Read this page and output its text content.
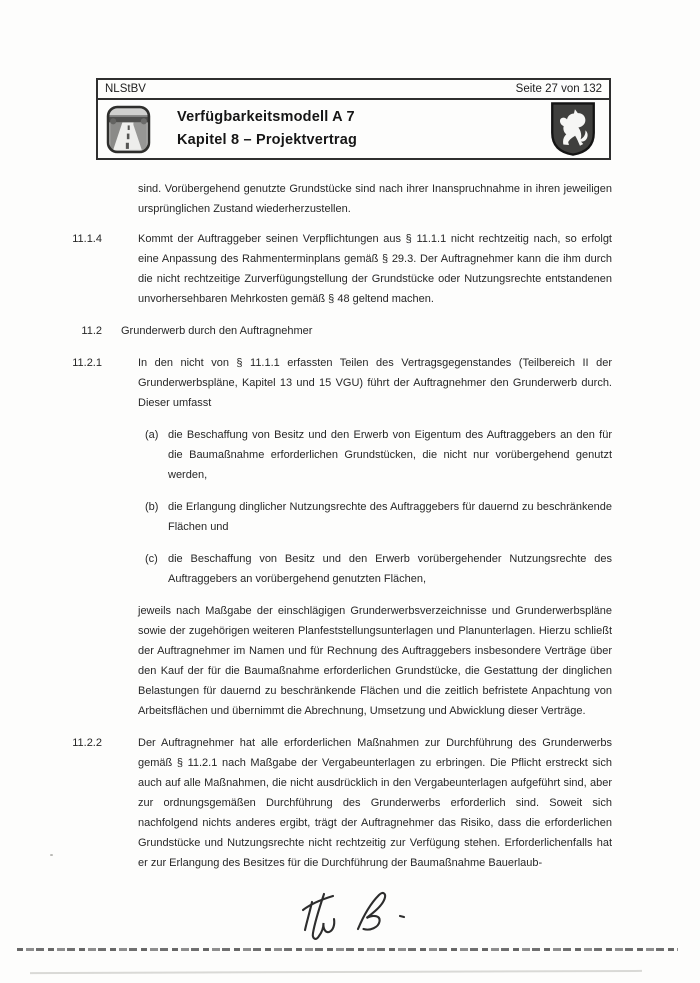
NLStBV	Seite 27 von 132
Verfügbarkeitsmodell A 7
Kapitel 8 – Projektvertrag

sind. Vorübergehend genutzte Grundstücke sind nach ihrer Inanspruchnahme in ihren jeweiligen ursprünglichen Zustand wiederherzustellen.

11.1.4	Kommt der Auftraggeber seinen Verpflichtungen aus § 11.1.1 nicht rechtzeitig nach, so erfolgt eine Anpassung des Rahmenterminplans gemäß § 29.3. Der Auftragnehmer kann die ihm durch die nicht rechtzeitige Zurverfügungstellung der Grundstücke oder Nutzungsrechte entstandenen unvorhersehbaren Mehrkosten gemäß § 48 geltend machen.

11.2 Grunderwerb durch den Auftragnehmer

11.2.1	In den nicht von § 11.1.1 erfassten Teilen des Vertragsgegenstandes (Teilbereich II der Grunderwerbspläne, Kapitel 13 und 15 VGU) führt der Auftragnehmer den Grunderwerb durch. Dieser umfasst

(a) die Beschaffung von Besitz und den Erwerb von Eigentum des Auftraggebers an den für die Baumaßnahme erforderlichen Grundstücken, die nicht nur vorübergehend genutzt werden,

(b) die Erlangung dinglicher Nutzungsrechte des Auftraggebers für dauernd zu beschränkende Flächen und

(c) die Beschaffung von Besitz und den Erwerb vorübergehender Nutzungsrechte des Auftraggebers an vorübergehend genutzten Flächen,

jeweils nach Maßgabe der einschlägigen Grunderwerbsverzeichnisse und Grunderwerbspläne sowie der zugehörigen weiteren Planfeststellungsunterlagen und Planunterlagen. Hierzu schließt der Auftragnehmer im Namen und für Rechnung des Auftraggebers insbesondere Verträge über den Kauf der für die Baumaßnahme erforderlichen Grundstücke, die Gestattung der dinglichen Belastungen für dauernd zu beschränkende Flächen und die zeitlich befristete Anpachtung von Arbeitsflächen und übernimmt die Abrechnung, Umsetzung und Abwicklung dieser Verträge.

11.2.2	Der Auftragnehmer hat alle erforderlichen Maßnahmen zur Durchführung des Grunderwerbs gemäß § 11.2.1 nach Maßgabe der Vergabeunterlagen zu erbringen. Die Pflicht erstreckt sich auch auf alle Maßnahmen, die nicht ausdrücklich in den Vergabeunterlagen aufgeführt sind, aber zur ordnungsgemäßen Durchführung des Grunderwerbs erforderlich sind. Soweit sich nachfolgend nichts anderes ergibt, trägt der Auftragnehmer das Risiko, dass die erforderlichen Grundstücke und Nutzungsrechte nicht rechtzeitig zur Verfügung stehen. Erforderlichenfalls hat er zur Erlangung des Besitzes für die Durchführung der Baumaßnahme Bauerlaub-
